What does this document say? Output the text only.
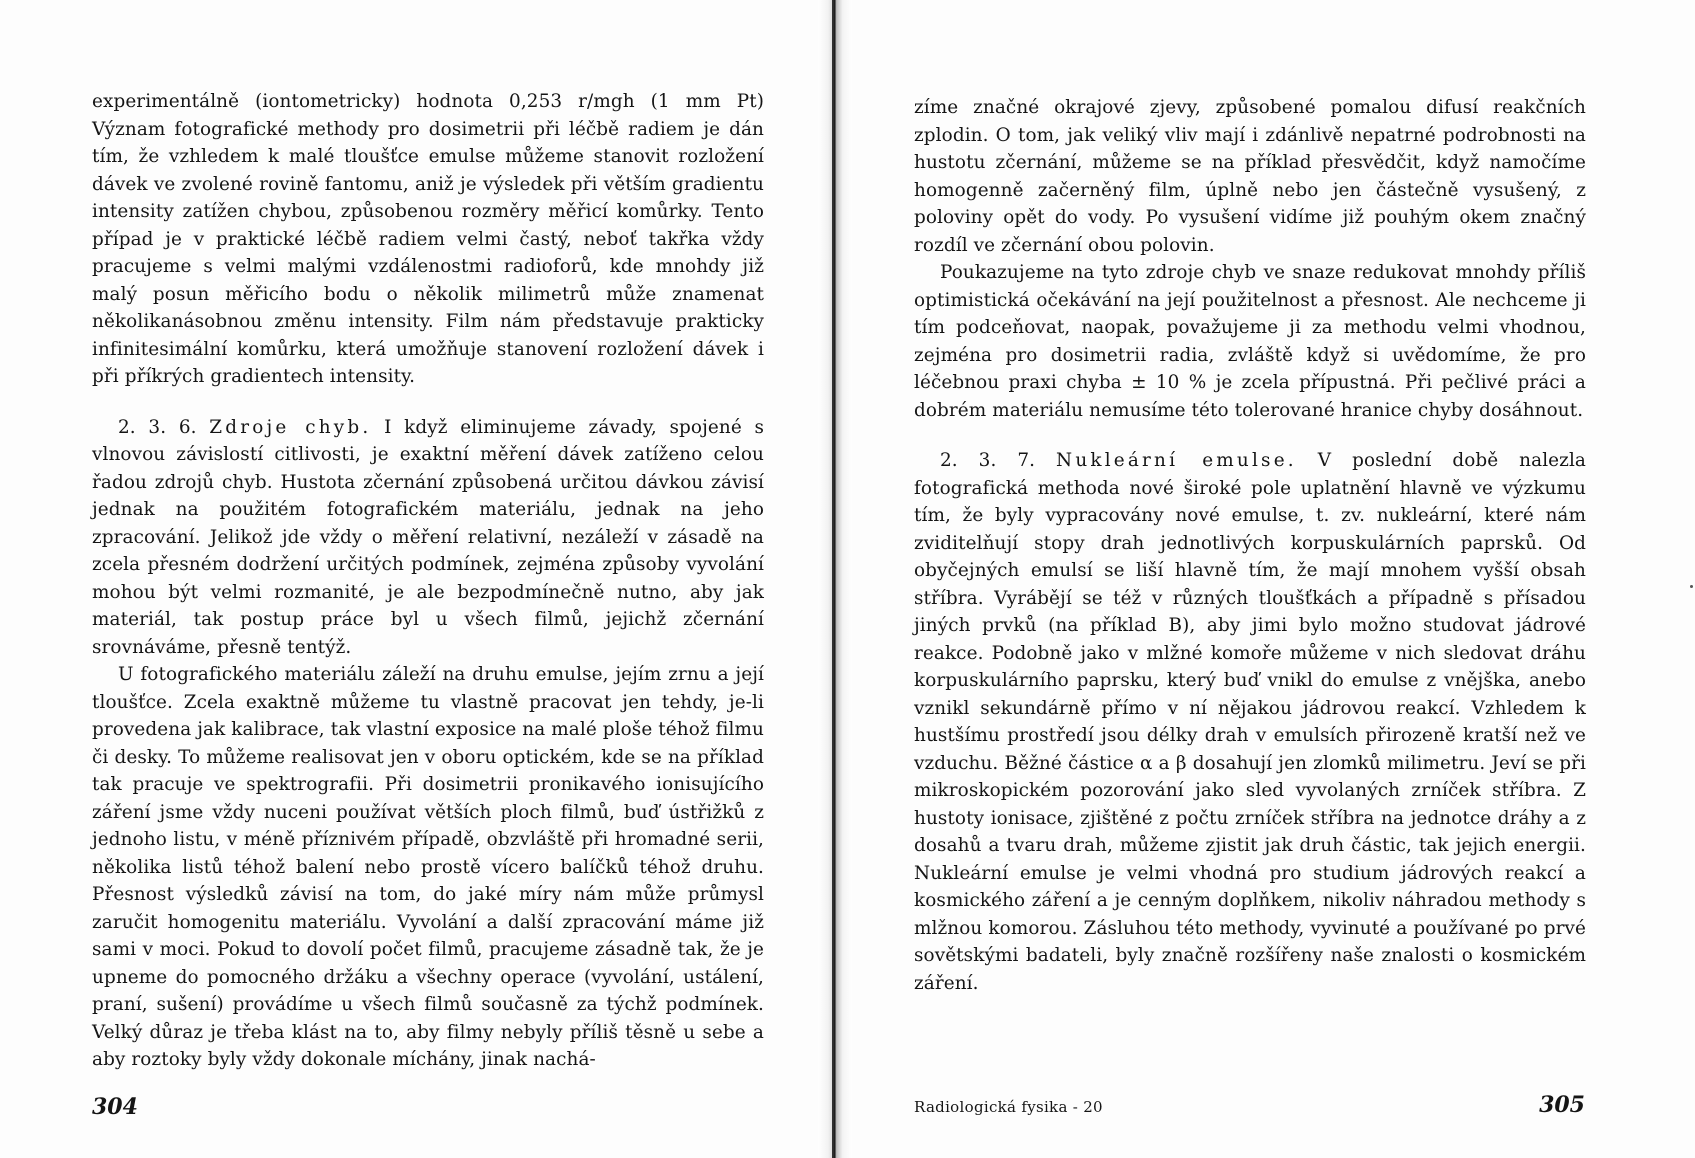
experimentálně (iontometricky) hodnota 0,253 r/mgh (1 mm Pt) Význam fotografické methody pro dosimetrii při léčbě radiem je dán tím, že vzhledem k malé tloušťce emulse můžeme stanovit rozložení dávek ve zvolené rovině fantomu, aniž je výsledek při větším gradientu intensity zatížen chybou, způsobenou rozměry měřicí komůrky. Tento případ je v praktické léčbě radiem velmi častý, neboť takřka vždy pracujeme s velmi malými vzdálenostmi radioforů, kde mnohdy již malý posun měřicího bodu o několik milimetrů může znamenat několikanásobnou změnu intensity. Film nám představuje prakticky infinitesimální komůrku, která umožňuje stanovení rozložení dávek i při příkrých gradientech intensity.

2. 3. 6. Zdroje chyb. I když eliminujeme závady, spojené s vlnovou závislostí citlivosti, je exaktní měření dávek zatíženo celou řadou zdrojů chyb. Hustota zčernání způsobená určitou dávkou závisí jednak na použitém fotografickém materiálu, jednak na jeho zpracování. Jelikož jde vždy o měření relativní, nezáleží v zásadě na zcela přesném dodržení určitých podmínek, zejména způsoby vyvolání mohou být velmi rozmanité, je ale bezpodmínečně nutno, aby jak materiál, tak postup práce byl u všech filmů, jejichž zčernání srovnáváme, přesně tentýž.

U fotografického materiálu záleží na druhu emulse, jejím zrnu a její tloušťce. Zcela exaktně můžeme tu vlastně pracovat jen tehdy, je-li provedena jak kalibrace, tak vlastní exposice na malé ploše téhož filmu či desky. To můžeme realisovat jen v oboru optickém, kde se na příklad tak pracuje ve spektrografii. Při dosimetrii pronikavého ionisujícího záření jsme vždy nuceni používat větších ploch filmů, buď ústřižků z jednoho listu, v méně příznivém případě, obzvláště při hromadné serii, několika listů téhož balení nebo prostě vícero balíčků téhož druhu. Přesnost výsledků závisí na tom, do jaké míry nám může průmysl zaručit homogenitu materiálu. Vyvolání a další zpracování máme již sami v moci. Pokud to dovolí počet filmů, pracujeme zásadně tak, že je upneme do pomocného držáku a všechny operace (vyvolání, ustálení, praní, sušení) provádíme u všech filmů současně za týchž podmínek. Velký důraz je třeba klást na to, aby filmy nebyly příliš těsně u sebe a aby roztoky byly vždy dokonale míchány, jinak nachá-

304

zíme značné okrajové zjevy, způsobené pomalou difusí reakčních zplodin. O tom, jak veliký vliv mají i zdánlivě nepatrné podrobnosti na hustotu zčernání, můžeme se na příklad přesvědčit, když namočíme homogenně začerněný film, úplně nebo jen částečně vysušený, z poloviny opět do vody. Po vysušení vidíme již pouhým okem značný rozdíl ve zčernání obou polovin.

Poukazujeme na tyto zdroje chyb ve snaze redukovat mnohdy příliš optimistická očekávání na její použitelnost a přesnost. Ale nechceme ji tím podceňovat, naopak, považujeme ji za methodu velmi vhodnou, zejména pro dosimetrii radia, zvláště když si uvědomíme, že pro léčebnou praxi chyba ± 10 % je zcela přípustná. Při pečlivé práci a dobrém materiálu nemusíme této tolerované hranice chyby dosáhnout.

2. 3. 7. Nukleární emulse. V poslední době nalezla fotografická methoda nové široké pole uplatnění hlavně ve výzkumu tím, že byly vypracovány nové emulse, t. zv. nukleární, které nám zviditelňují stopy drah jednotlivých korpuskulárních paprsků. Od obyčejných emulsí se liší hlavně tím, že mají mnohem vyšší obsah stříbra. Vyrábějí se též v různých tloušťkách a případně s přísadou jiných prvků (na příklad B), aby jimi bylo možno studovat jádrové reakce. Podobně jako v mlžné komoře můžeme v nich sledovat dráhu korpuskulárního paprsku, který buď vnikl do emulse z vnějška, anebo vznikl sekundárně přímo v ní nějakou jádrovou reakcí. Vzhledem k hustšímu prostředí jsou délky drah v emulsích přirozeně kratší než ve vzduchu. Běžné částice α a β dosahují jen zlomků milimetru. Jeví se při mikroskopickém pozorování jako sled vyvolaných zrníček stříbra. Z hustoty ionisace, zjištěné z počtu zrníček stříbra na jednotce dráhy a z dosahů a tvaru drah, můžeme zjistit jak druh částic, tak jejich energii. Nukleární emulse je velmi vhodná pro studium jádrových reakcí a kosmického záření a je cenným doplňkem, nikoliv náhradou methody s mlžnou komorou. Zásluhou této methody, vyvinuté a používané po prvé sovětskými badateli, byly značně rozšířeny naše znalosti o kosmickém záření.

Radiologická fysika - 20	305
